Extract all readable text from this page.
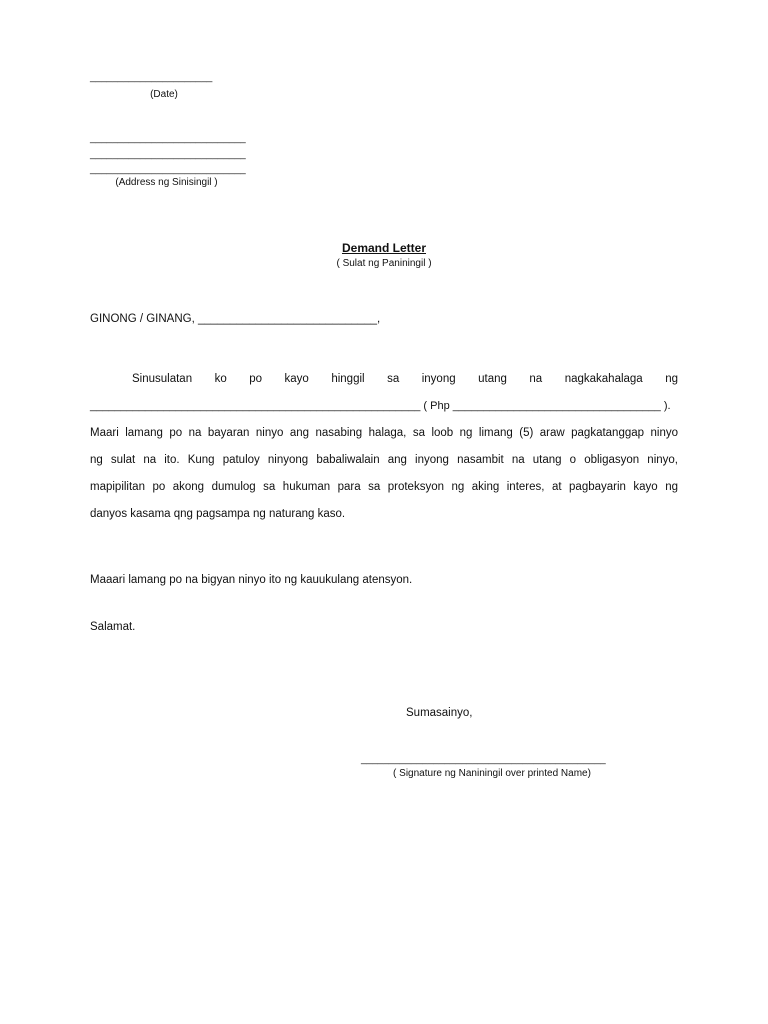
______________________
(Date)
____________________________
____________________________
____________________________
(Address ng Sinisingil )
Demand Letter
( Sulat ng Paniningil )
GINONG / GINANG, ____________________________,
Sinusulatan ko po kayo hinggil sa inyong utang na nagkakahalaga ng
______________________________________________________ ( Php __________________________________ ).
Maari lamang po na bayaran ninyo ang nasabing halaga, sa loob ng limang (5) araw pagkatanggap ninyo
ng sulat na ito. Kung patuloy ninyong babaliwalain ang inyong nasambit na utang o obligasyon ninyo,
mapipilitan po akong dumulog sa hukuman para sa proteksyon ng aking interes, at pagbayarin kayo ng
danyos kasama qng pagsampa ng naturang kaso.
Maaari lamang po na bigyan ninyo ito ng kauukulang atensyon.
Salamat.
Sumasainyo,
____________________________________________
( Signature ng Naniningil over printed Name)
